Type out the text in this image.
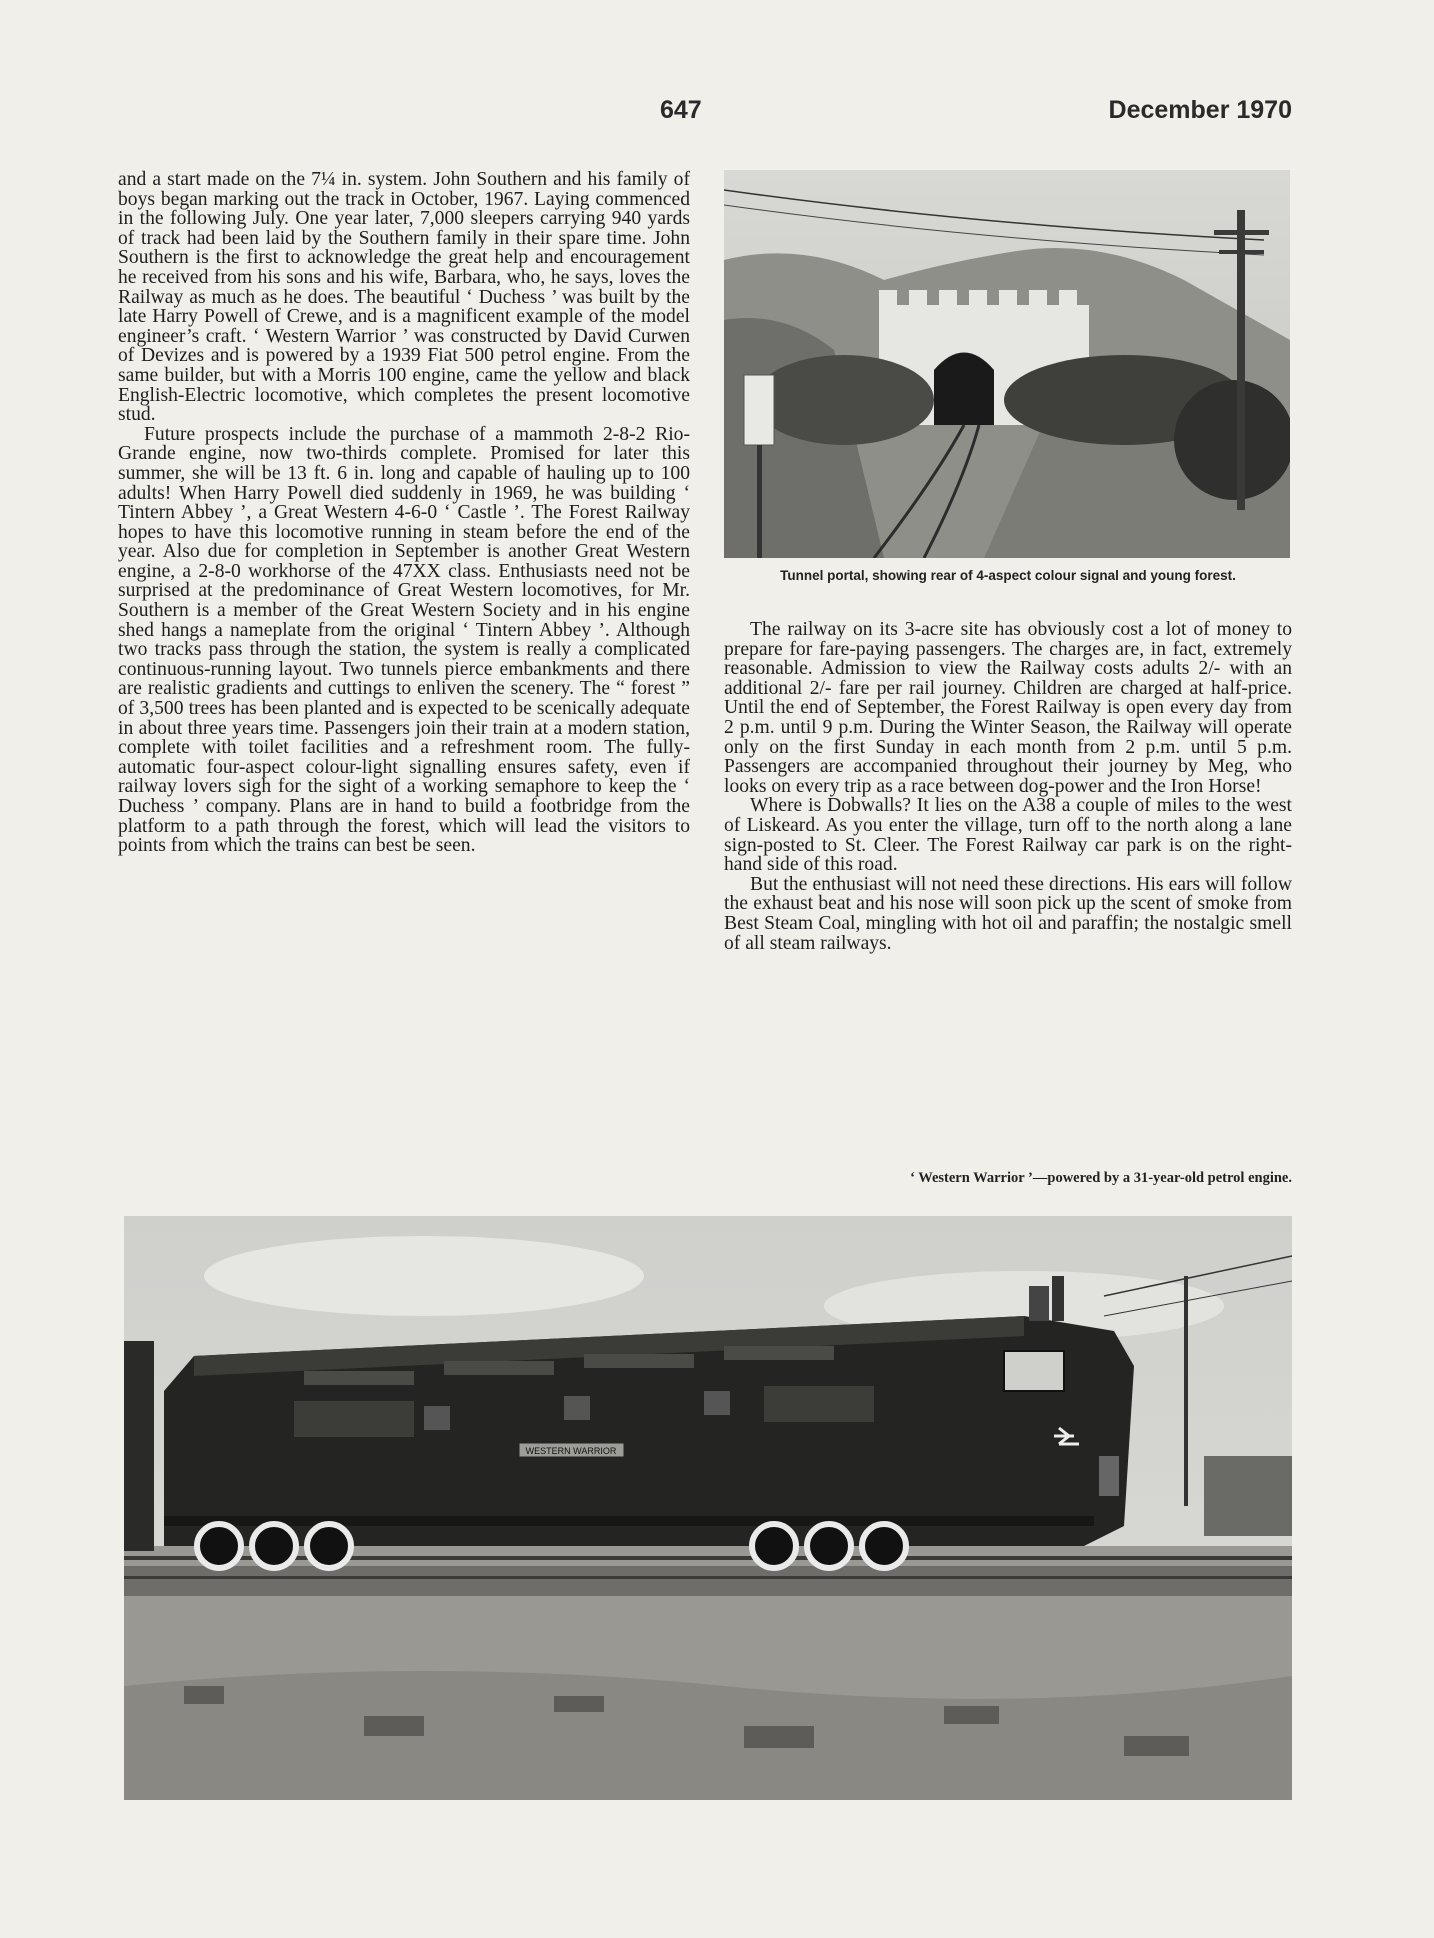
647	December 1970

and a start made on the 7¼ in. system. John Southern and his family of boys began marking out the track in October, 1967. Laying commenced in the following July. One year later, 7,000 sleepers carrying 940 yards of track had been laid by the Southern family in their spare time. John Southern is the first to acknowledge the great help and encouragement he received from his sons and his wife, Barbara, who, he says, loves the Railway as much as he does. The beautiful ‘ Duchess ’ was built by the late Harry Powell of Crewe, and is a magnificent example of the model engineer’s craft. ‘ Western Warrior ’ was constructed by David Curwen of Devizes and is powered by a 1939 Fiat 500 petrol engine. From the same builder, but with a Morris 100 engine, came the yellow and black English-Electric locomotive, which completes the present locomotive stud.

Future prospects include the purchase of a mammoth 2-8-2 Rio-Grande engine, now two-thirds complete. Promised for later this summer, she will be 13 ft. 6 in. long and capable of hauling up to 100 adults! When Harry Powell died suddenly in 1969, he was building ‘ Tintern Abbey ’, a Great Western 4-6-0 ‘ Castle ’. The Forest Railway hopes to have this locomotive running in steam before the end of the year. Also due for completion in September is another Great Western engine, a 2-8-0 workhorse of the 47XX class. Enthusiasts need not be surprised at the predominance of Great Western locomotives, for Mr. Southern is a member of the Great Western Society and in his engine shed hangs a nameplate from the original ‘ Tintern Abbey ’. Although two tracks pass through the station, the system is really a complicated continuous-running layout. Two tunnels pierce embankments and there are realistic gradients and cuttings to enliven the scenery. The “ forest ” of 3,500 trees has been planted and is expected to be scenically adequate in about three years time. Passengers join their train at a modern station, complete with toilet facilities and a refreshment room. The fully-automatic four-aspect colour-light signalling ensures safety, even if railway lovers sigh for the sight of a working semaphore to keep the ‘ Duchess ’ company. Plans are in hand to build a footbridge from the platform to a path through the forest, which will lead the visitors to points from which the trains can best be seen.

Tunnel portal, showing rear of 4-aspect colour signal and young forest.

The railway on its 3-acre site has obviously cost a lot of money to prepare for fare-paying passengers. The charges are, in fact, extremely reasonable. Admission to view the Railway costs adults 2/- with an additional 2/- fare per rail journey. Children are charged at half-price. Until the end of September, the Forest Railway is open every day from 2 p.m. until 9 p.m. During the Winter Season, the Railway will operate only on the first Sunday in each month from 2 p.m. until 5 p.m. Passengers are accompanied throughout their journey by Meg, who looks on every trip as a race between dog-power and the Iron Horse!

Where is Dobwalls? It lies on the A38 a couple of miles to the west of Liskeard. As you enter the village, turn off to the north along a lane sign-posted to St. Cleer. The Forest Railway car park is on the right-hand side of this road.

But the enthusiast will not need these directions. His ears will follow the exhaust beat and his nose will soon pick up the scent of smoke from Best Steam Coal, mingling with hot oil and paraffin; the nostalgic smell of all steam railways.

‘ Western Warrior ’—powered by a 31-year-old petrol engine.
WESTERN WARRIOR
